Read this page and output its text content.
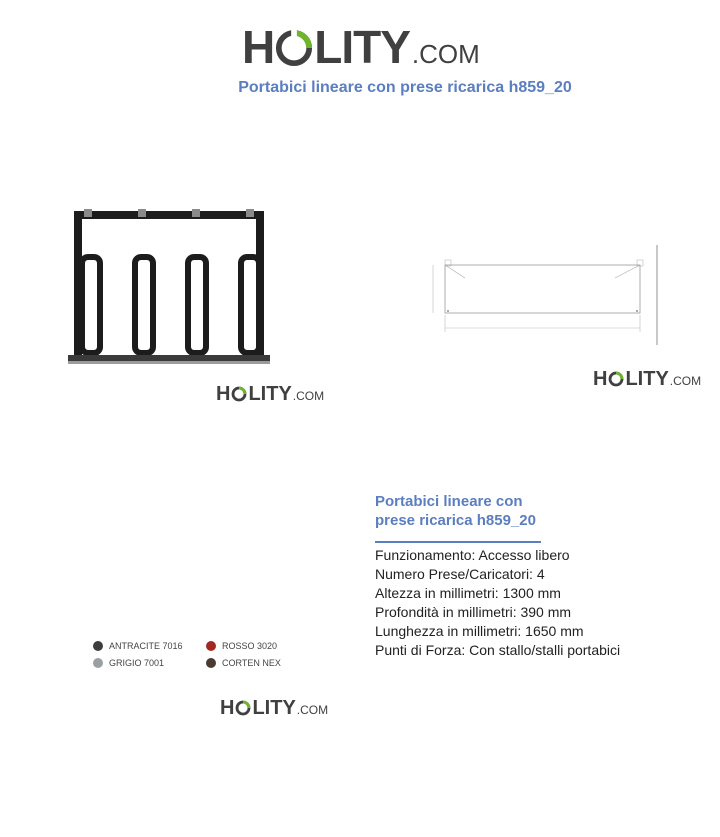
H LITY .COM
Portabici lineare con prese ricarica h859_20
H LITY .COM
H LITY .COM
ANTRACITE 7016	ROSSO 3020
GRIGIO 7001	CORTEN NEX
H LITY .COM
Portabici lineare con
prese ricarica h859_20
Funzionamento: Accesso libero
Numero Prese/Caricatori: 4
Altezza in millimetri: 1300 mm
Profondità in millimetri: 390 mm
Lunghezza in millimetri: 1650 mm
Punti di Forza: Con stallo/stalli portabici
